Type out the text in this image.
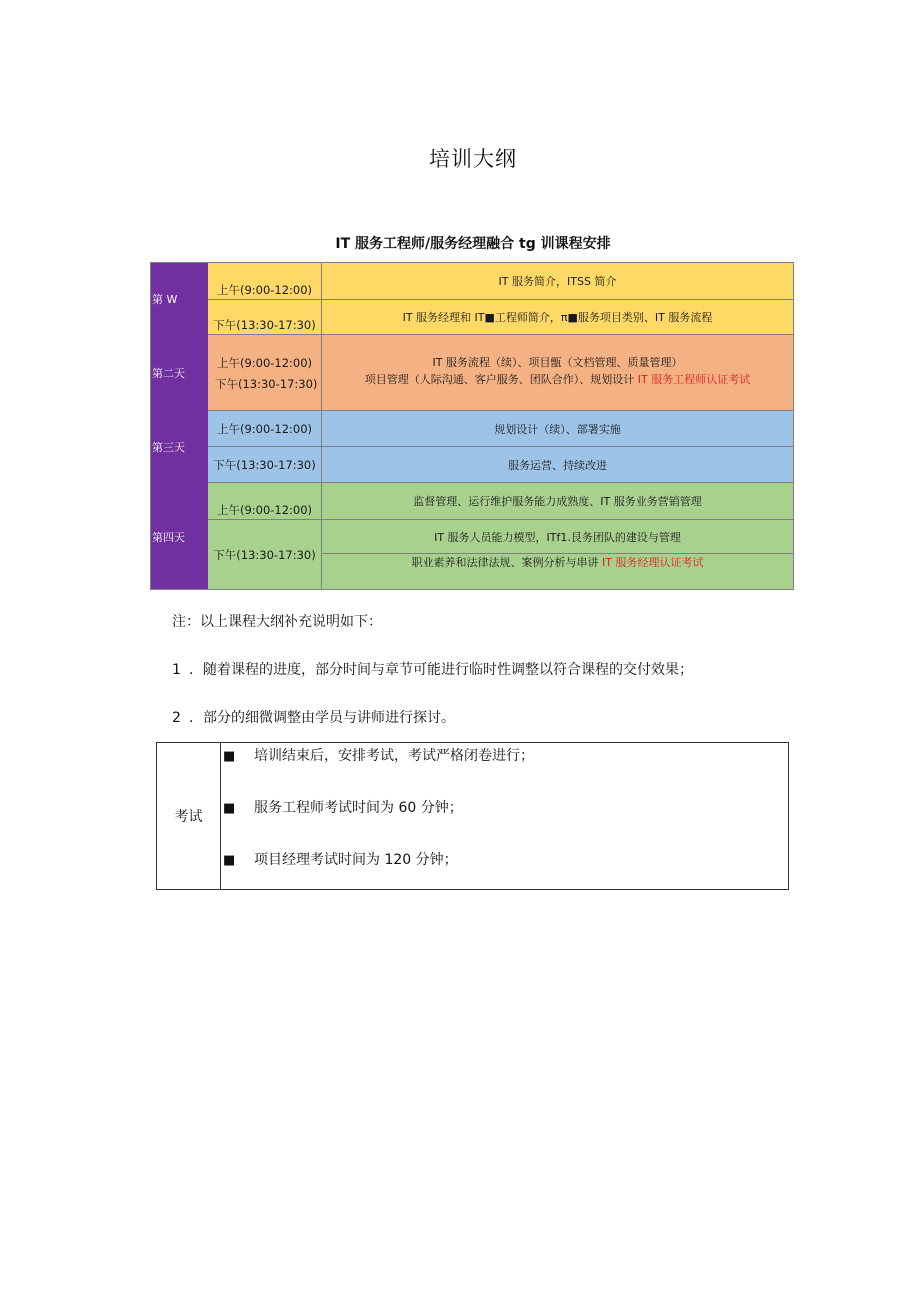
培训大纲
IT 服务工程师/服务经理融合 tg 训课程安排
第 W
上午(9:00-12:00)
下午(13:30-17:30)
IT 服务简介，ITSS 简介
IT 服务经理和 IT■工程师简介，π■服务项目类别、IT 服务流程
第二天
上午(9:00-12:00)
下午(13:30-17:30)
IT 服务流程（续）、项目甑（文档管理、质量管理）
项目管理（人际沟通、客户服务、团队合作）、规划设计 IT 服务工程师认证考试
第三天
上午(9:00-12:00)
下午(13:30-17:30)
规划设计（续）、部署实施
服务运营、持续改进
第四天
上午(9:00-12:00)
下午(13:30-17:30)
监督管理、运行维护服务能力成熟度、IT 服务业务营销管理
IT 服务人员能力模型，ITf1.艮务团队的建设与管理
职业素养和法律法规、案例分析与串讲 IT 服务经理认证考试
注：以上课程大纲补充说明如下：
1 ．随着课程的进度，部分时间与章节可能进行临时性调整以符合课程的交付效果；
2 ．部分的细微调整由学员与讲师进行探讨。
考试
■ 培训结束后，安排考试，考试严格闭卷进行；
■ 服务工程师考试时间为 60 分钟；
■ 项目经理考试时间为 120 分钟；
